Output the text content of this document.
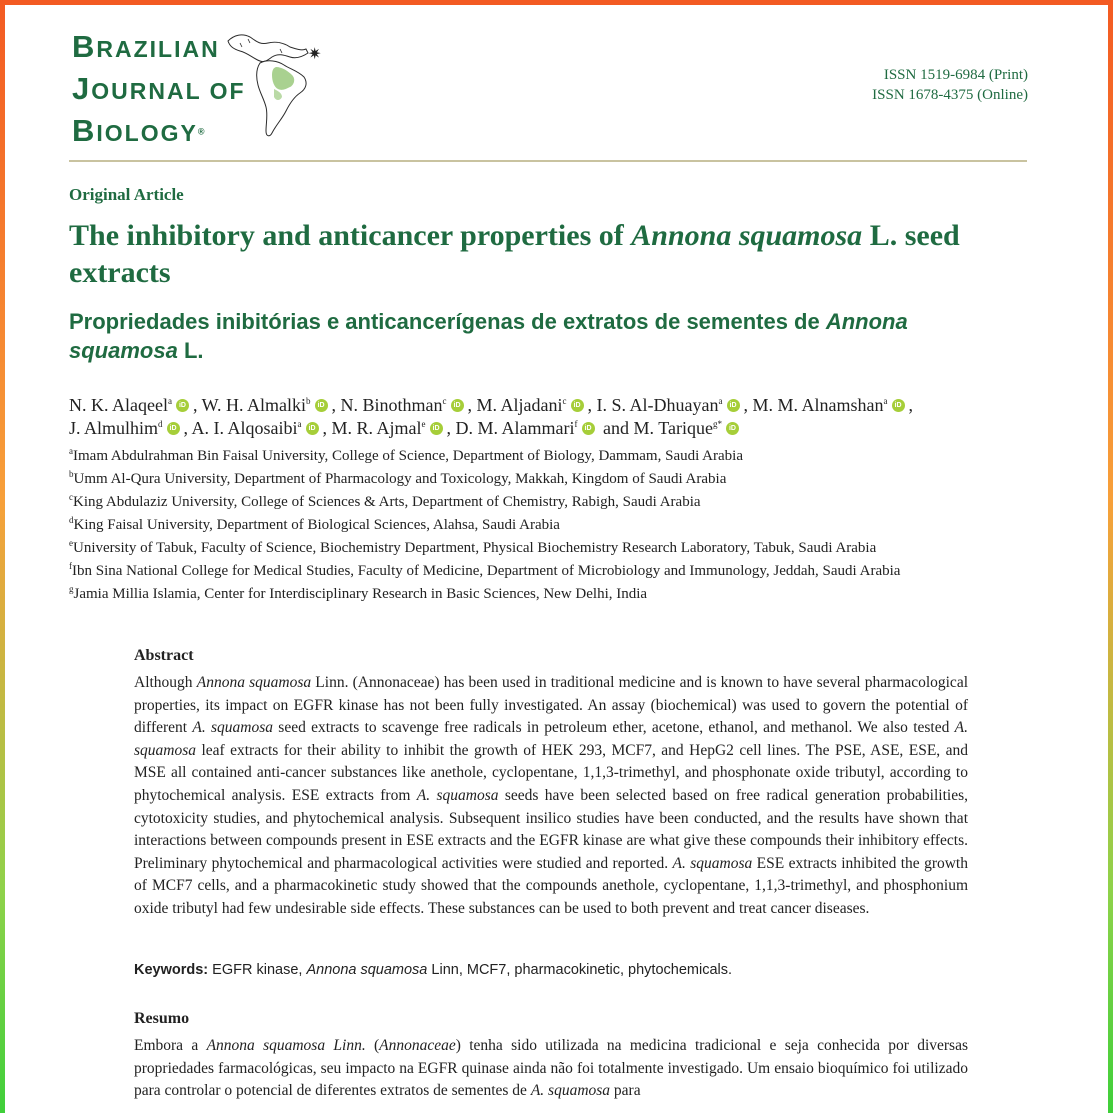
BRAZILIAN
JOURNAL OF
BIOLOGY®
✷
ISSN 1519-6984 (Print)
ISSN 1678-4375 (Online)
Original Article
The inhibitory and anticancer properties of Annona squamosa L. seed extracts
Propriedades inibitórias e anticancerígenas de extratos de sementes de Annona squamosa L.
N. K. Alaqeel$^a$ iD , W. H. Almalki$^b$ iD , N. Binothman$^c$ iD , M. Aljadani$^c$ iD , I. S. Al-Dhuayan$^a$ iD , M. M. Alnamshan$^a$ iD , J. Almulhim$^d$ iD , A. I. Alqosaibi$^a$ iD , M. R. Ajmal$^e$ iD , D. M. Alammari$^f$ iD and M. Tarique$^{g*}$ iD
$^a$Imam Abdulrahman Bin Faisal University, College of Science, Department of Biology, Dammam, Saudi Arabia
$^b$Umm Al-Qura University, Department of Pharmacology and Toxicology, Makkah, Kingdom of Saudi Arabia
$^c$King Abdulaziz University, College of Sciences & Arts, Department of Chemistry, Rabigh, Saudi Arabia
$^d$King Faisal University, Department of Biological Sciences, Alahsa, Saudi Arabia
$^e$University of Tabuk, Faculty of Science, Biochemistry Department, Physical Biochemistry Research Laboratory, Tabuk, Saudi Arabia
$^f$Ibn Sina National College for Medical Studies, Faculty of Medicine, Department of Microbiology and Immunology, Jeddah, Saudi Arabia
$^g$Jamia Millia Islamia, Center for Interdisciplinary Research in Basic Sciences, New Delhi, India
Abstract

Although Annona squamosa Linn. (Annonaceae) has been used in traditional medicine and is known to have several pharmacological properties, its impact on EGFR kinase has not been fully investigated. An assay (biochemical) was used to govern the potential of different A. squamosa seed extracts to scavenge free radicals in petroleum ether, acetone, ethanol, and methanol. We also tested A. squamosa leaf extracts for their ability to inhibit the growth of HEK 293, MCF7, and HepG2 cell lines. The PSE, ASE, ESE, and MSE all contained anti-cancer substances like anethole, cyclopentane, 1,1,3-trimethyl, and phosphonate oxide tributyl, according to phytochemical analysis. ESE extracts from A. squamosa seeds have been selected based on free radical generation probabilities, cytotoxicity studies, and phytochemical analysis. Subsequent insilico studies have been conducted, and the results have shown that interactions between compounds present in ESE extracts and the EGFR kinase are what give these compounds their inhibitory effects. Preliminary phytochemical and pharmacological activities were studied and reported. A. squamosa ESE extracts inhibited the growth of MCF7 cells, and a pharmacokinetic study showed that the compounds anethole, cyclopentane, 1,1,3-trimethyl, and phosphonium oxide tributyl had few undesirable side effects. These substances can be used to both prevent and treat cancer diseases.

Keywords: EGFR kinase, Annona squamosa Linn, MCF7, pharmacokinetic, phytochemicals.
Resumo

Embora a Annona squamosa Linn. (Annonaceae) tenha sido utilizada na medicina tradicional e seja conhecida por diversas propriedades farmacológicas, seu impacto na EGFR quinase ainda não foi totalmente investigado. Um ensaio bioquímico foi utilizado para controlar o potencial de diferentes extratos de sementes de A. squamosa para
